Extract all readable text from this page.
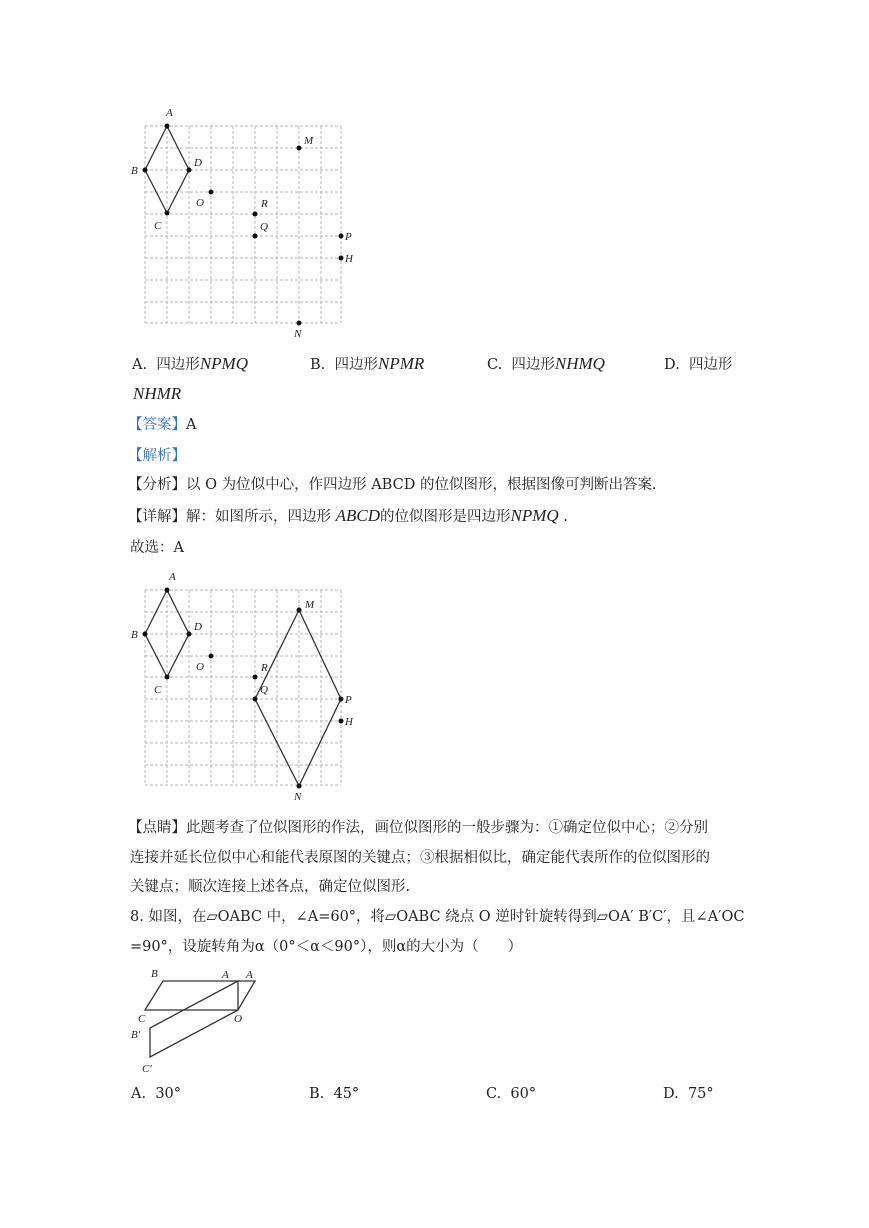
A
B
C
D
O
M
R
Q
P
H
N
A. 四边形NPMQ	B. 四边形NPMR	C. 四边形NHMQ	D. 四边形
NHMR
【答案】A
【解析】
【分析】以 O 为位似中心，作四边形 ABCD 的位似图形，根据图像可判断出答案.
【详解】解：如图所示，四边形 ABCD的位似图形是四边形NPMQ .
故选：A
A
B
C
D
O
M
R
Q
P
H
N
【点睛】此题考查了位似图形的作法，画位似图形的一般步骤为：①确定位似中心；②分别
连接并延长位似中心和能代表原图的关键点；③根据相似比，确定能代表所作的位似图形的
关键点；顺次连接上述各点，确定位似图形.
8. 如图，在▱OABC 中，∠A=60°，将▱OABC 绕点 O 逆时针旋转得到▱OA′ B′C′，且∠A′OC
=90°，设旋转角为α（0°＜α＜90°），则α的大小为（　　）
B	A A
C	O
B′
C′
A. 30°	B. 45°	C. 60°	D. 75°
